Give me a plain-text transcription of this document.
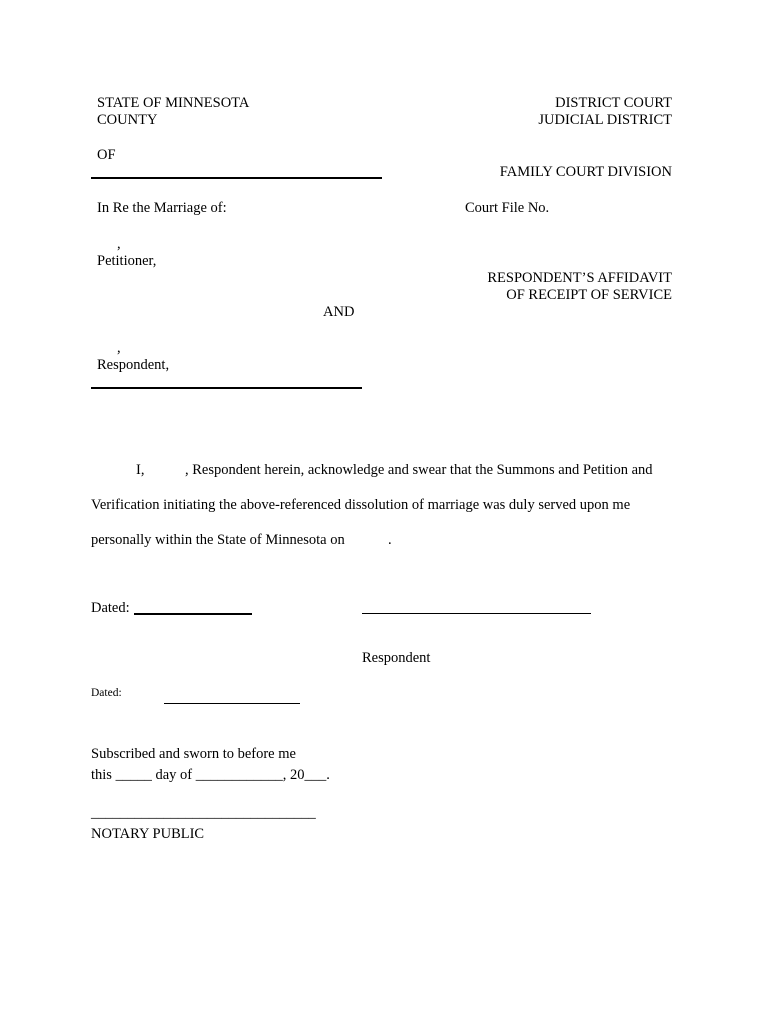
STATE OF MINNESOTA
COUNTY
DISTRICT COURT
JUDICIAL DISTRICT
OF
FAMILY COURT DIVISION
In Re the Marriage of:	Court File No.
,
Petitioner,
RESPONDENT’S AFFIDAVIT
OF RECEIPT OF SERVICE
AND
,
Respondent,
I,	, Respondent herein, acknowledge and swear that the Summons and Petition and
Verification initiating the above-referenced dissolution of marriage was duly served upon me
personally within the State of Minnesota on	.
Dated:
Respondent
Dated:
Subscribed and sworn to before me
this _____ day of ____________, 20___.
_______________________________
NOTARY PUBLIC
